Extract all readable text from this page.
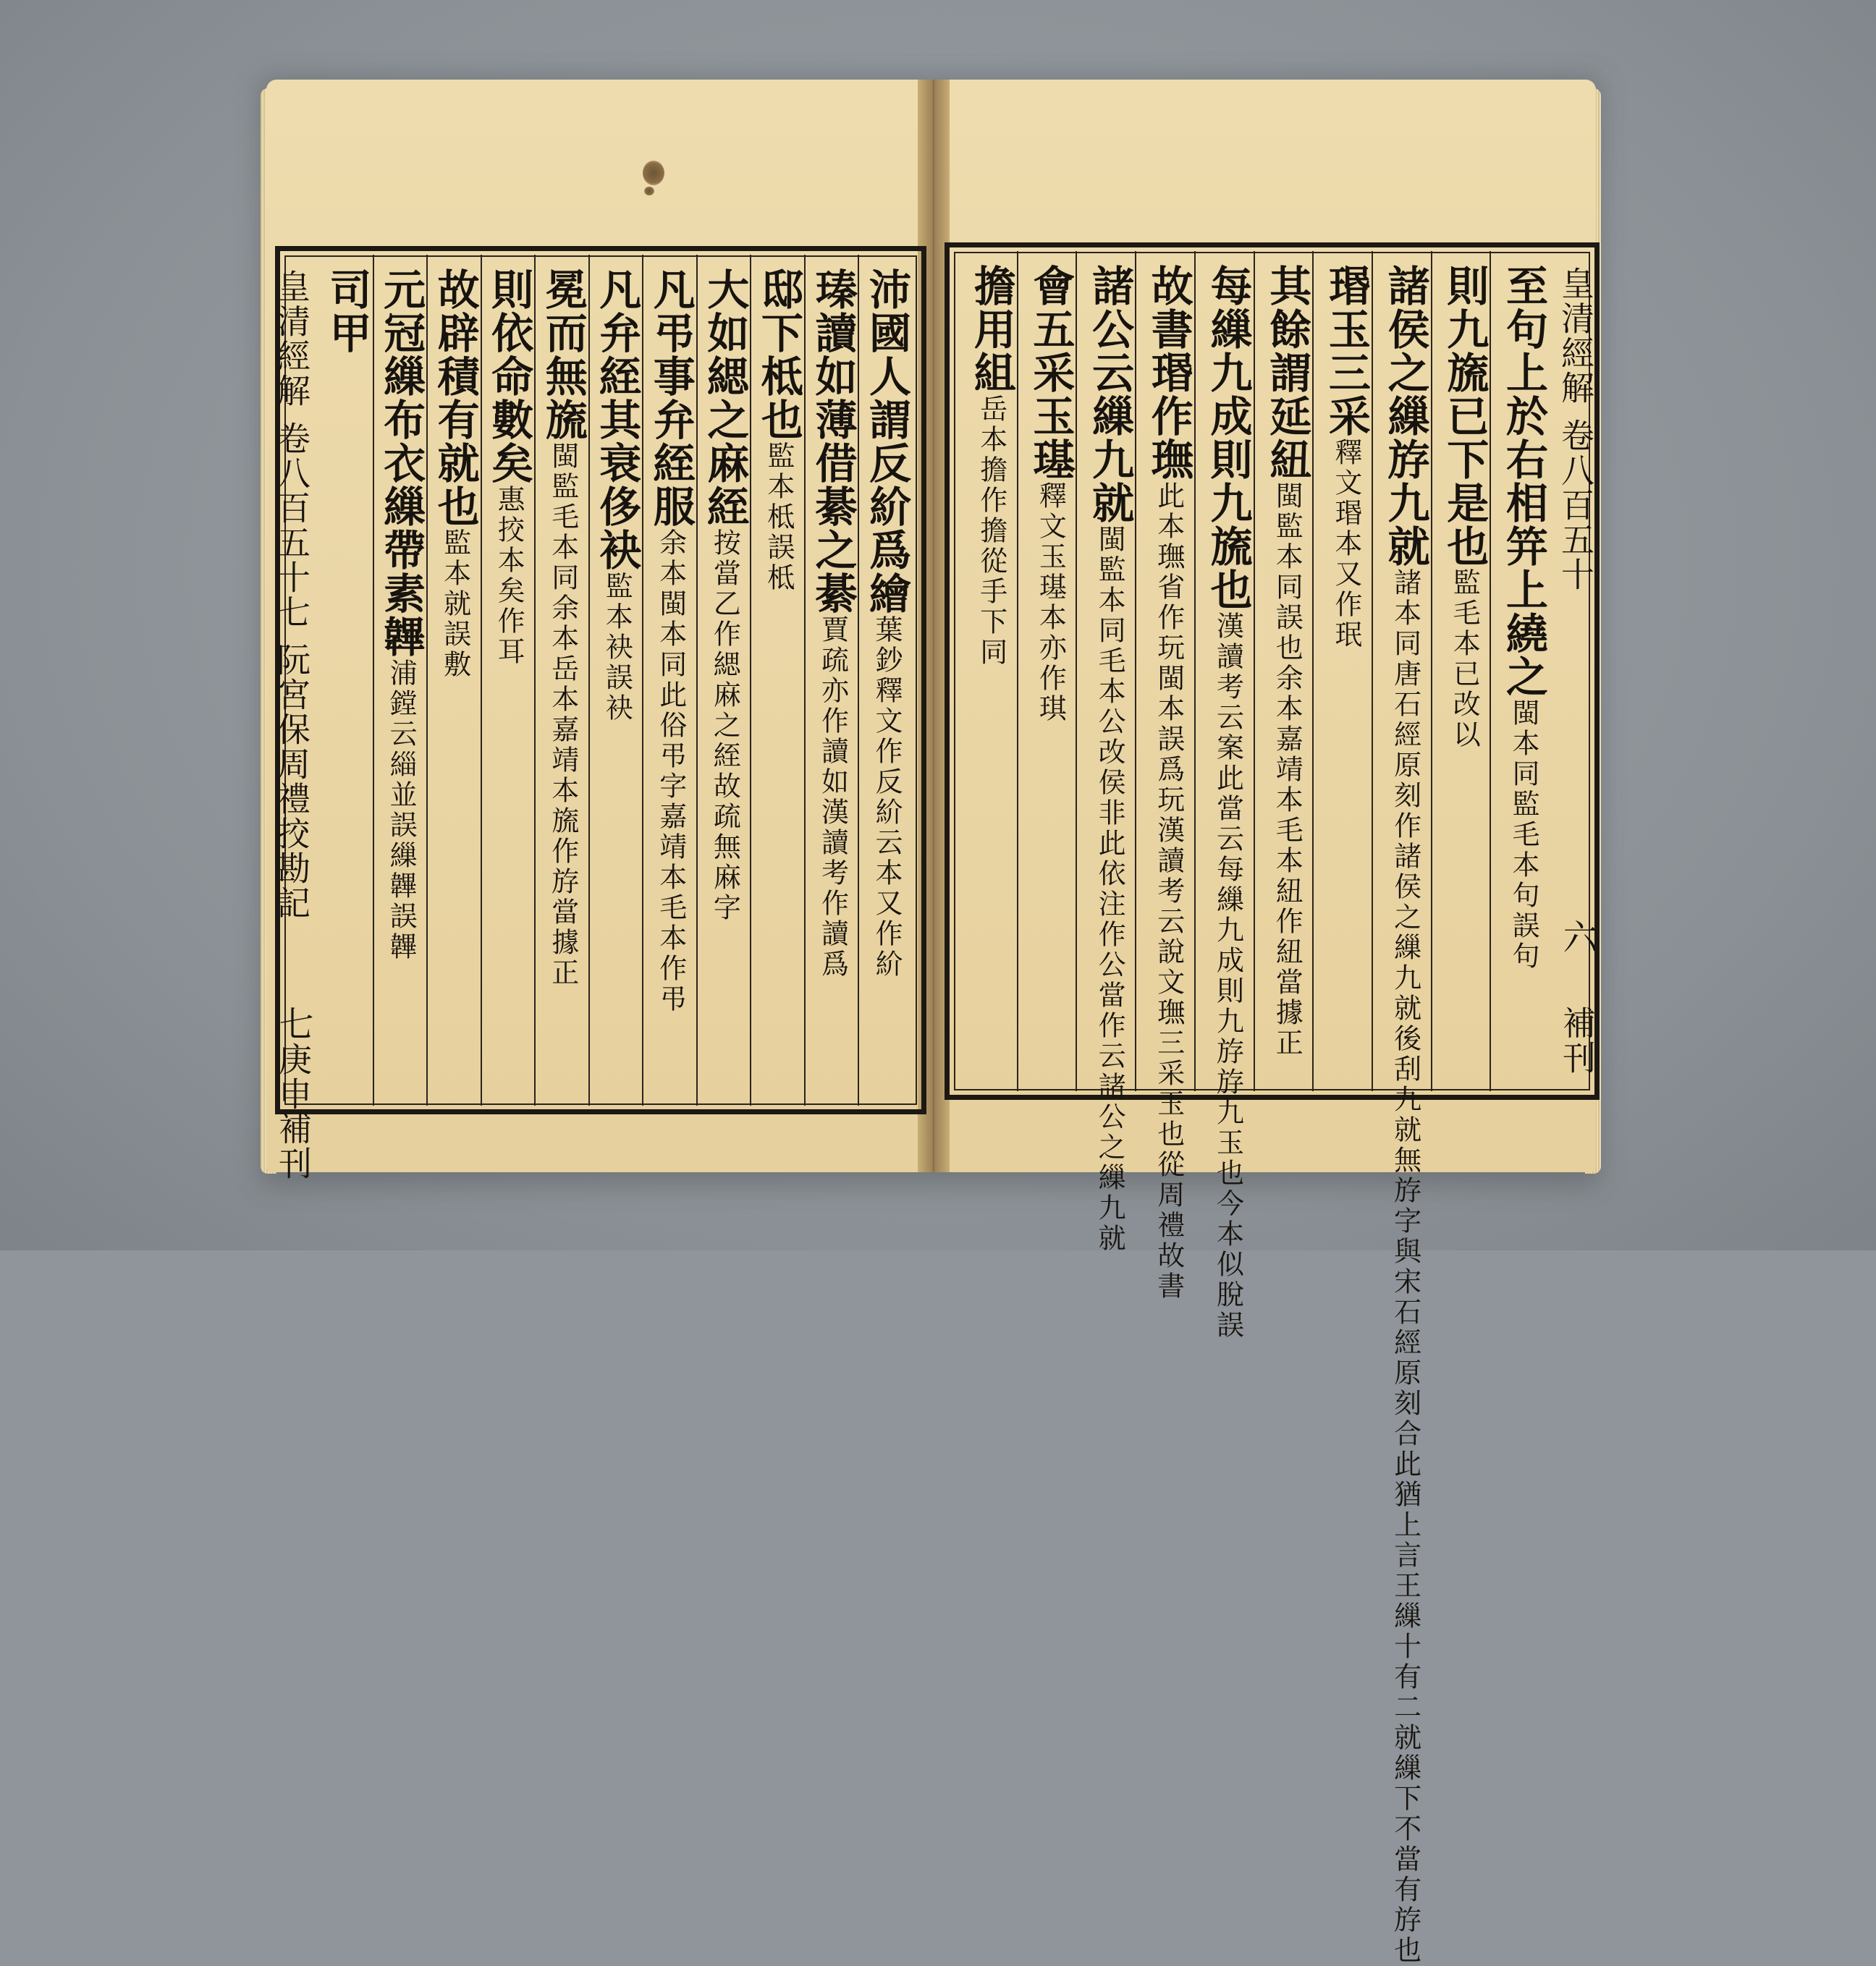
沛國人謂反紒爲繪葉鈔釋文作反紒云本又作紒
瑧讀如薄借綦之綦賈疏亦作讀如漢讀考作讀爲
邸下柢也監本柢誤柢
大如緦之麻絰按當乙作緦麻之絰故疏無麻字
凡弔事弁絰服余本閩本同此俗弔字嘉靖本毛本作弔
凡弁絰其衰侈袂監本袂誤袂
冕而無旒閩監毛本同余本岳本嘉靖本旒作斿當據正
則依命數矣惠挍本矣作耳
故辟積有就也監本就誤敷
元冠繅布衣繅帶素韠浦鏜云緇並誤繅韠誤韠
司甲
皇清經解卷八百五十七阮宮保周禮挍勘記
七
庚申補刊
至句上於右相笄上繞之閩本同監毛本句誤句
則九旒已下是也監毛本已改以
諸侯之繅斿九就諸本同唐石經原刻作諸侯之繅九就後刮九就無斿字與宋石經原刻合此猶上言王繅十有二就繅下不當有斿也
瑉玉三采釋文瑉本又作珉
其餘謂延紐閩監本同誤也余本嘉靖本毛本紐作紐當據正
每繅九成則九旒也漢讀考云案此當云每繅九成則九斿斿九玉也今本似脫誤
故書瑉作璑此本璑省作玩閩本誤爲玩漢讀考云說文璑三采玉也從周禮故書
諸公云繅九就閩監本同毛本公改侯非此依注作公當作云諸公之繅九就
會五采玉璂釋文玉璂本亦作琪
擔用組岳本擔作擔從手下同
皇清經解卷八百五十
六
補刊
